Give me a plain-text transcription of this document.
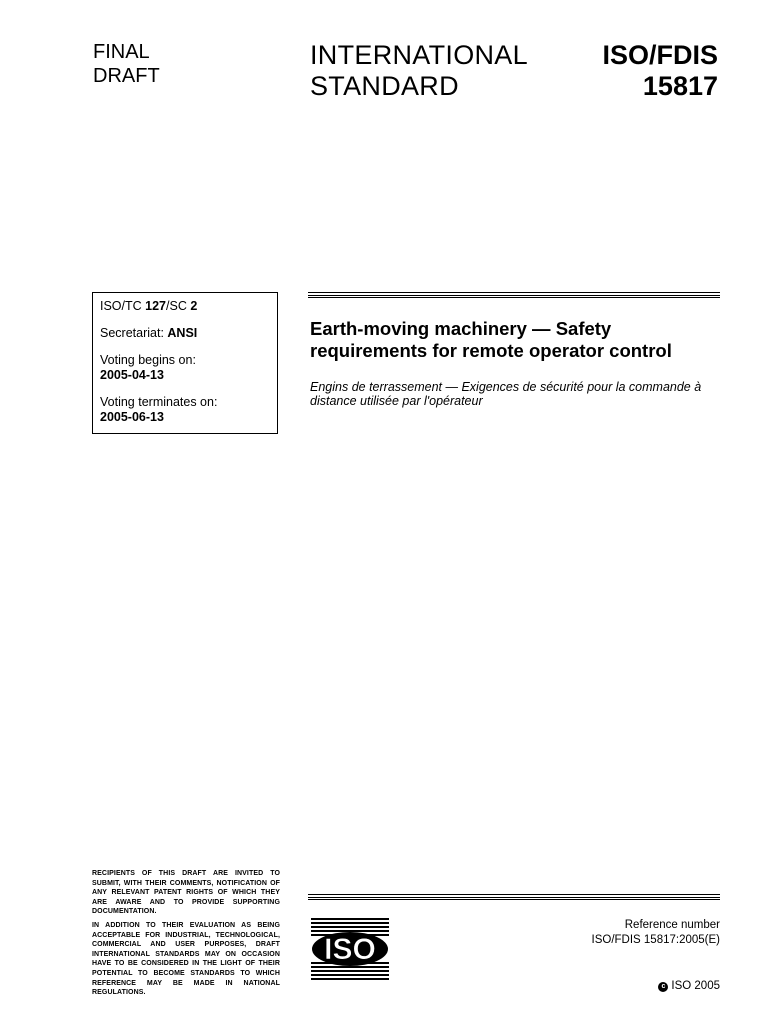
FINAL
DRAFT
INTERNATIONAL
STANDARD
ISO/FDIS
15817

ISO/TC 127/SC 2

Secretariat: ANSI

Voting begins on:

2005-04-13

Voting terminates on:

2005-06-13

Earth-moving machinery — Safety requirements for remote operator control
Engins de terrassement — Exigences de sécurité pour la commande à distance utilisée par l'opérateur

RECIPIENTS OF THIS DRAFT ARE INVITED TO SUBMIT, WITH THEIR COMMENTS, NOTIFICATION OF ANY RELEVANT PATENT RIGHTS OF WHICH THEY ARE AWARE AND TO PROVIDE SUPPORTING DOCUMENTATION.

IN ADDITION TO THEIR EVALUATION AS BEING ACCEPTABLE FOR INDUSTRIAL, TECHNOLOGICAL, COMMERCIAL AND USER PURPOSES, DRAFT INTERNATIONAL STANDARDS MAY ON OCCASION HAVE TO BE CONSIDERED IN THE LIGHT OF THEIR POTENTIAL TO BECOME STANDARDS TO WHICH REFERENCE MAY BE MADE IN NATIONAL REGULATIONS.

ISO
Reference number
ISO/FDIS 15817:2005(E)
c ISO 2005
